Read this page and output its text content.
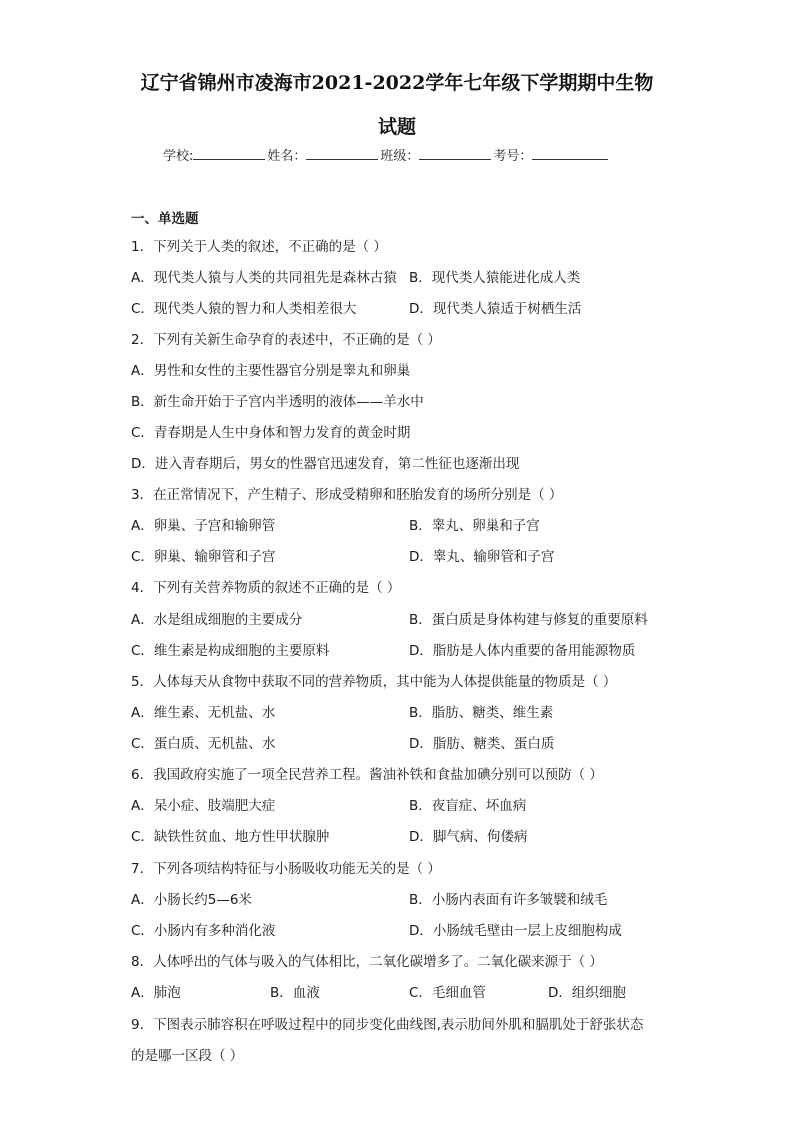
辽宁省锦州市凌海市2021-2022学年七年级下学期期中生物
试题
学校:	姓名：	班级：	考号：
一、单选题
1．下列关于人类的叙述，不正确的是（ ）
A．现代类人猿与人类的共同祖先是森林古猿 B．现代类人猿能进化成人类
C．现代类人猿的智力和人类相差很大	D．现代类人猿适于树栖生活
2．下列有关新生命孕育的表述中，不正确的是（ ）
A．男性和女性的主要性器官分别是睾丸和卵巢
B．新生命开始于子宫内半透明的液体——羊水中
C．青春期是人生中身体和智力发育的黄金时期
D．进入青春期后，男女的性器官迅速发育，第二性征也逐渐出现
3．在正常情况下，产生精子、形成受精卵和胚胎发育的场所分别是（ ）
A．卵巢、子宫和输卵管	B．睾丸、卵巢和子宫
C．卵巢、输卵管和子宫	D．睾丸、输卵管和子宫
4．下列有关营养物质的叙述不正确的是（ ）
A．水是组成细胞的主要成分	B．蛋白质是身体构建与修复的重要原料
C．维生素是构成细胞的主要原料	D．脂肪是人体内重要的备用能源物质
5．人体每天从食物中获取不同的营养物质，其中能为人体提供能量的物质是（ ）
A．维生素、无机盐、水	B．脂肪、糖类、维生素
C．蛋白质、无机盐、水	D．脂肪、糖类、蛋白质
6．我国政府实施了一项全民营养工程。酱油补铁和食盐加碘分别可以预防（ ）
A．呆小症、肢端肥大症	B．夜盲症、坏血病
C．缺铁性贫血、地方性甲状腺肿	D．脚气病、佝偻病
7．下列各项结构特征与小肠吸收功能无关的是（ ）
A．小肠长约5—6米	B．小肠内表面有许多皱襞和绒毛
C．小肠内有多种消化液	D．小肠绒毛壁由一层上皮细胞构成
8．人体呼出的气体与吸入的气体相比，二氧化碳增多了。二氧化碳来源于（ ）
A．肺泡	B．血液	C．毛细血管	D．组织细胞
9．下图表示肺容积在呼吸过程中的同步变化曲线图,表示肋间外肌和膈肌处于舒张状态
的是哪一区段（ ）
